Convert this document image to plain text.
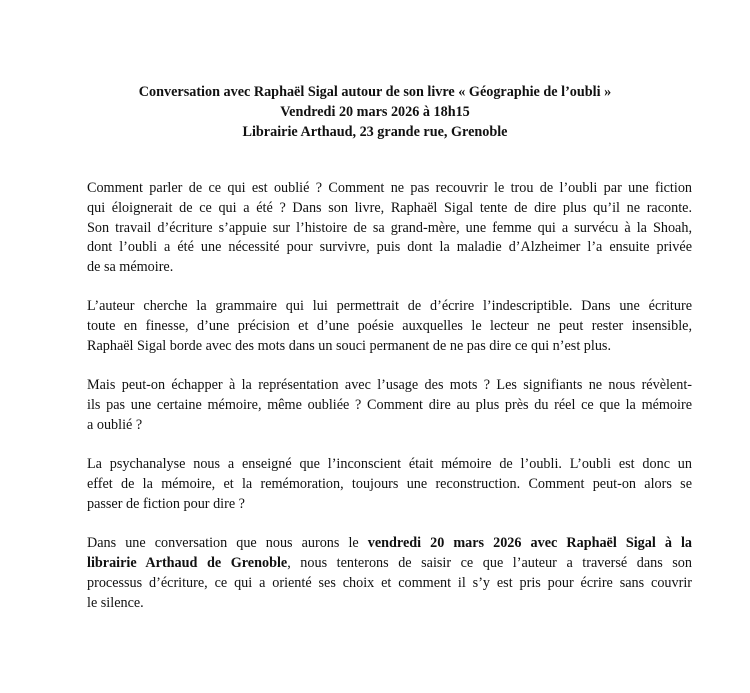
Conversation avec Raphaël Sigal autour de son livre « Géographie de l’oubli »
Vendredi 20 mars 2026 à 18h15
Librairie Arthaud, 23 grande rue, Grenoble

Comment parler de ce qui est oublié ? Comment ne pas recouvrir le trou de l’oubli par une fiction
qui éloignerait de ce qui a été ? Dans son livre, Raphaël Sigal tente de dire plus qu’il ne raconte.
Son travail d’écriture s’appuie sur l’histoire de sa grand-mère, une femme qui a survécu à la Shoah,
dont l’oubli a été une nécessité pour survivre, puis dont la maladie d’Alzheimer l’a ensuite privée
de sa mémoire.

L’auteur cherche la grammaire qui lui permettrait de d’écrire l’indescriptible. Dans une écriture
toute en finesse, d’une précision et d’une poésie auxquelles le lecteur ne peut rester insensible,
Raphaël Sigal borde avec des mots dans un souci permanent de ne pas dire ce qui n’est plus.

Mais peut-on échapper à la représentation avec l’usage des mots ? Les signifiants ne nous révèlent-
ils pas une certaine mémoire, même oubliée ? Comment dire au plus près du réel ce que la mémoire
a oublié ?

La psychanalyse nous a enseigné que l’inconscient était mémoire de l’oubli. L’oubli est donc un
effet de la mémoire, et la remémoration, toujours une reconstruction. Comment peut-on alors se
passer de fiction pour dire ?

Dans une conversation que nous aurons le vendredi 20 mars 2026 avec Raphaël Sigal à la
librairie Arthaud de Grenoble, nous tenterons de saisir ce que l’auteur a traversé dans son
processus d’écriture, ce qui a orienté ses choix et comment il s’y est pris pour écrire sans couvrir
le silence.
